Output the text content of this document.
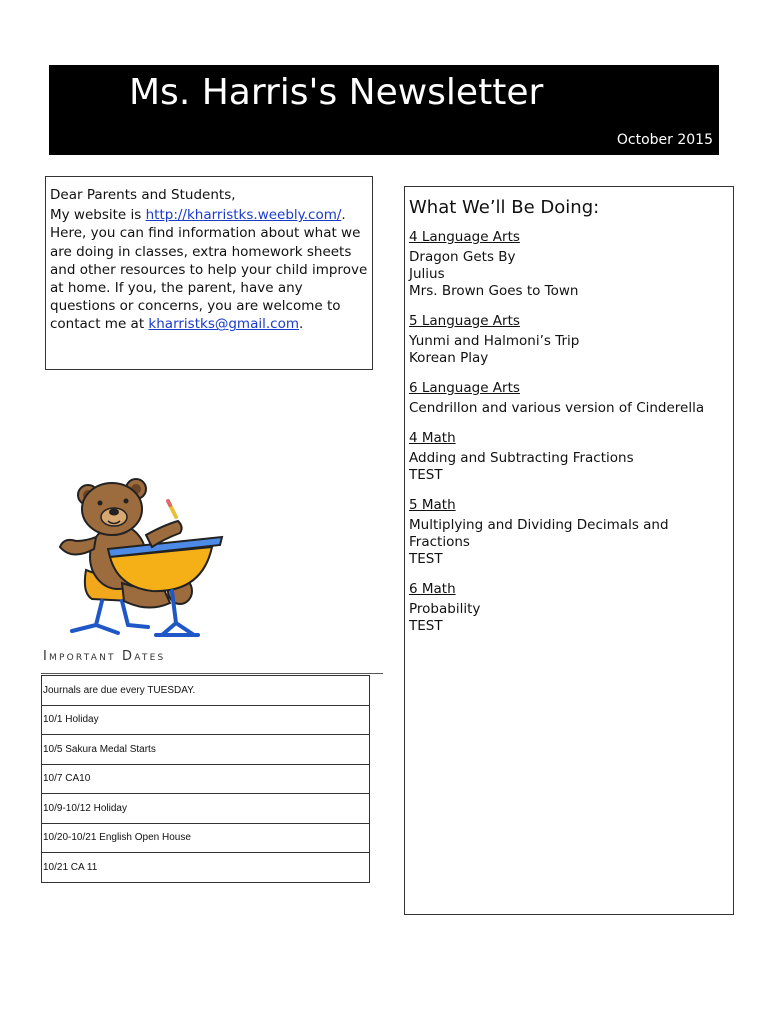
Ms. Harris's Newsletter
October 2015

Dear Parents and Students,

My website is http://kharristks.weebly.com/. Here, you can find information about what we are doing in classes, extra homework sheets and other resources to help your child improve at home. If you, the parent, have any questions or concerns, you are welcome to contact me at kharristks@gmail.com.

What We’ll Be Doing:
4 Language Arts
Dragon Gets By
Julius
Mrs. Brown Goes to Town
5 Language Arts
Yunmi and Halmoni’s Trip
Korean Play
6 Language Arts
Cendrillon and various version of Cinderella
4 Math
Adding and Subtracting Fractions
TEST
5 Math
Multiplying and Dividing Decimals and Fractions
TEST
6 Math
Probability
TEST
Important Dates
Journals are due every TUESDAY.
10/1 Holiday
10/5 Sakura Medal Starts
10/7 CA10
10/9-10/12 Holiday
10/20-10/21 English Open House
10/21 CA 11
